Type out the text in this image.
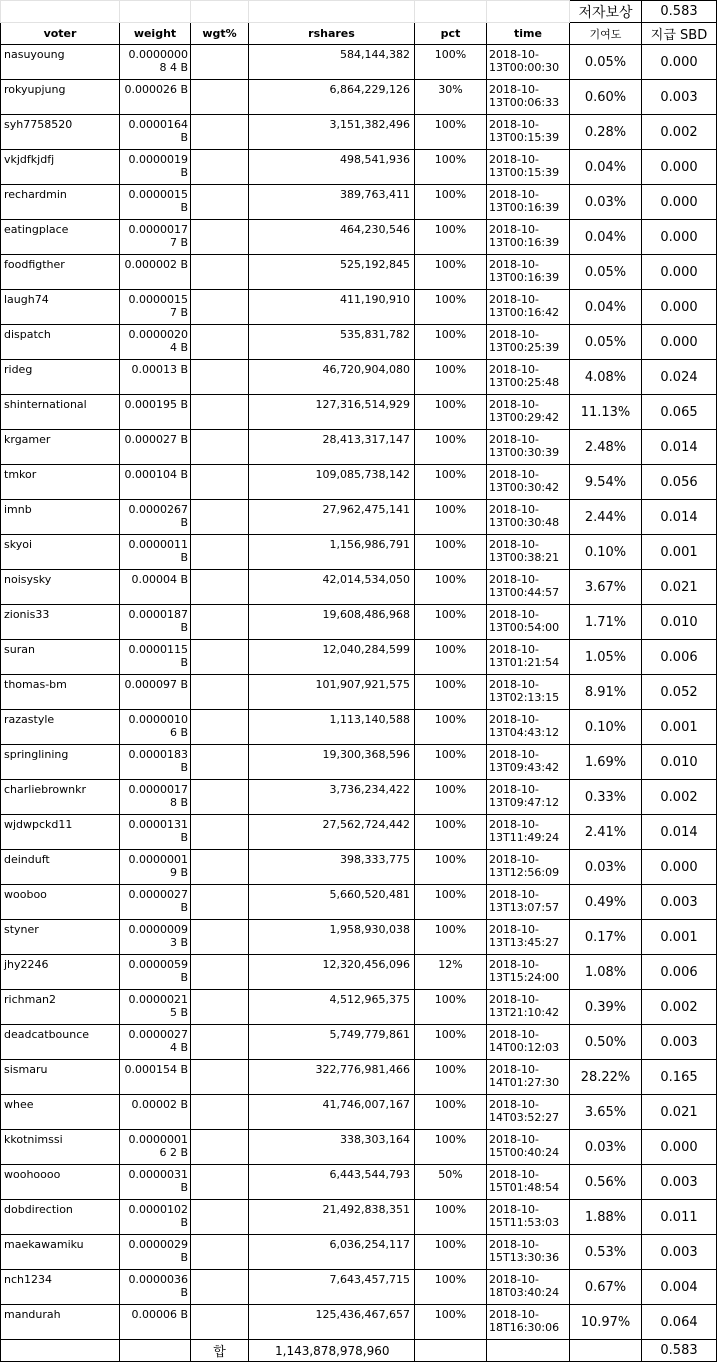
						저자보상	0.583
voter	weight	wgt%	rshares	pct	time	기여도	지급 SBD
nasuyoung	0.00000008 4 B		584,144,382	100%	2018-10-13T00:00:30	0.05%	0.000
rokyupjung	0.000026 B		6,864,229,126	30%	2018-10-13T00:06:33	0.60%	0.003
syh7758520	0.0000164 B		3,151,382,496	100%	2018-10-13T00:15:39	0.28%	0.002
vkjdfkjdfj	0.0000019 B		498,541,936	100%	2018-10-13T00:15:39	0.04%	0.000
rechardmin	0.0000015 B		389,763,411	100%	2018-10-13T00:16:39	0.03%	0.000
eatingplace	0.00000177 B		464,230,546	100%	2018-10-13T00:16:39	0.04%	0.000
foodfigther	0.000002 B		525,192,845	100%	2018-10-13T00:16:39	0.05%	0.000
laugh74	0.00000157 B		411,190,910	100%	2018-10-13T00:16:42	0.04%	0.000
dispatch	0.00000204 B		535,831,782	100%	2018-10-13T00:25:39	0.05%	0.000
rideg	0.00013 B		46,720,904,080	100%	2018-10-13T00:25:48	4.08%	0.024
shinternational	0.000195 B		127,316,514,929	100%	2018-10-13T00:29:42	11.13%	0.065
krgamer	0.000027 B		28,413,317,147	100%	2018-10-13T00:30:39	2.48%	0.014
tmkor	0.000104 B		109,085,738,142	100%	2018-10-13T00:30:42	9.54%	0.056
imnb	0.0000267 B		27,962,475,141	100%	2018-10-13T00:30:48	2.44%	0.014
skyoi	0.0000011 B		1,156,986,791	100%	2018-10-13T00:38:21	0.10%	0.001
noisysky	0.00004 B		42,014,534,050	100%	2018-10-13T00:44:57	3.67%	0.021
zionis33	0.0000187 B		19,608,486,968	100%	2018-10-13T00:54:00	1.71%	0.010
suran	0.0000115 B		12,040,284,599	100%	2018-10-13T01:21:54	1.05%	0.006
thomas-bm	0.000097 B		101,907,921,575	100%	2018-10-13T02:13:15	8.91%	0.052
razastyle	0.00000106 B		1,113,140,588	100%	2018-10-13T04:43:12	0.10%	0.001
springlining	0.0000183 B		19,300,368,596	100%	2018-10-13T09:43:42	1.69%	0.010
charliebrownkr	0.00000178 B		3,736,234,422	100%	2018-10-13T09:47:12	0.33%	0.002
wjdwpckd11	0.0000131 B		27,562,724,442	100%	2018-10-13T11:49:24	2.41%	0.014
deinduft	0.00000019 B		398,333,775	100%	2018-10-13T12:56:09	0.03%	0.000
wooboo	0.0000027 B		5,660,520,481	100%	2018-10-13T13:07:57	0.49%	0.003
styner	0.00000093 B		1,958,930,038	100%	2018-10-13T13:45:27	0.17%	0.001
jhy2246	0.0000059 B		12,320,456,096	12%	2018-10-13T15:24:00	1.08%	0.006
richman2	0.00000215 B		4,512,965,375	100%	2018-10-13T21:10:42	0.39%	0.002
deadcatbounce	0.00000274 B		5,749,779,861	100%	2018-10-14T00:12:03	0.50%	0.003
sismaru	0.000154 B		322,776,981,466	100%	2018-10-14T01:27:30	28.22%	0.165
whee	0.00002 B		41,746,007,167	100%	2018-10-14T03:52:27	3.65%	0.021
kkotnimssi	0.00000016 2 B		338,303,164	100%	2018-10-15T00:40:24	0.03%	0.000
woohoooo	0.0000031 B		6,443,544,793	50%	2018-10-15T01:48:54	0.56%	0.003
dobdirection	0.0000102 B		21,492,838,351	100%	2018-10-15T11:53:03	1.88%	0.011
maekawamiku	0.0000029 B		6,036,254,117	100%	2018-10-15T13:30:36	0.53%	0.003
nch1234	0.0000036 B		7,643,457,715	100%	2018-10-18T03:40:24	0.67%	0.004
mandurah	0.00006 B		125,436,467,657	100%	2018-10-18T16:30:06	10.97%	0.064
		합	1,143,878,978,960				0.583
